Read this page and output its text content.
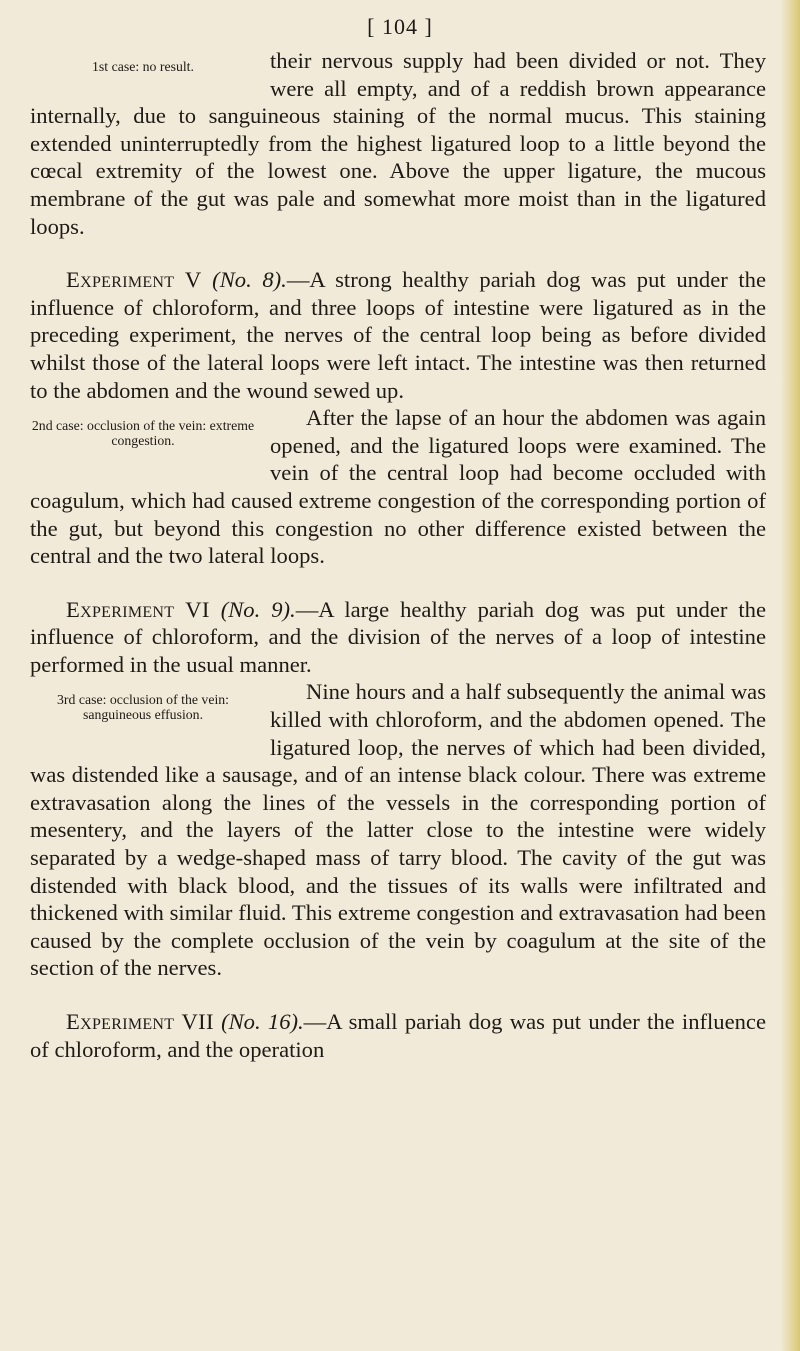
[ 104 ]

1st case: no result.	their nervous supply had been divided or not. They were all empty, and of a reddish brown appearance internally, due to sanguineous staining of the normal mucus. This staining extended uninterruptedly from the highest ligatured loop to a little beyond the cœcal extremity of the lowest one. Above the upper ligature, the mucous membrane of the gut was pale and somewhat more moist than in the ligatured loops.

Experiment V (No. 8).—A strong healthy pariah dog was put under the influence of chloroform, and three loops of intestine were ligatured as in the preceding experiment, the nerves of the central loop being as before divided whilst those of the lateral loops were left intact. The intestine was then returned to the abdomen and the wound sewed up.

2nd case: occlusion of the vein: extreme congestion.
After the lapse of an hour the abdomen was again opened, and the ligatured loops were examined. The vein of the central loop had become occluded with coagulum, which had caused extreme congestion of the corresponding portion of the gut, but beyond this congestion no other difference existed between the central and the two lateral loops.

Experiment VI (No. 9).—A large healthy pariah dog was put under the influence of chloroform, and the division of the nerves of a loop of intestine performed in the usual manner.

3rd case: occlusion of the vein: sanguineous effusion.
Nine hours and a half subsequently the animal was killed with chloroform, and the abdomen opened. The ligatured loop, the nerves of which had been divided, was distended like a sausage, and of an intense black colour. There was extreme extravasation along the lines of the vessels in the corresponding portion of mesentery, and the layers of the latter close to the intestine were widely separated by a wedge-shaped mass of tarry blood. The cavity of the gut was distended with black blood, and the tissues of its walls were infiltrated and thickened with similar fluid. This extreme congestion and extravasation had been caused by the complete occlusion of the vein by coagulum at the site of the section of the nerves.

Experiment VII (No. 16).—A small pariah dog was put under the influence of chloroform, and the operation
